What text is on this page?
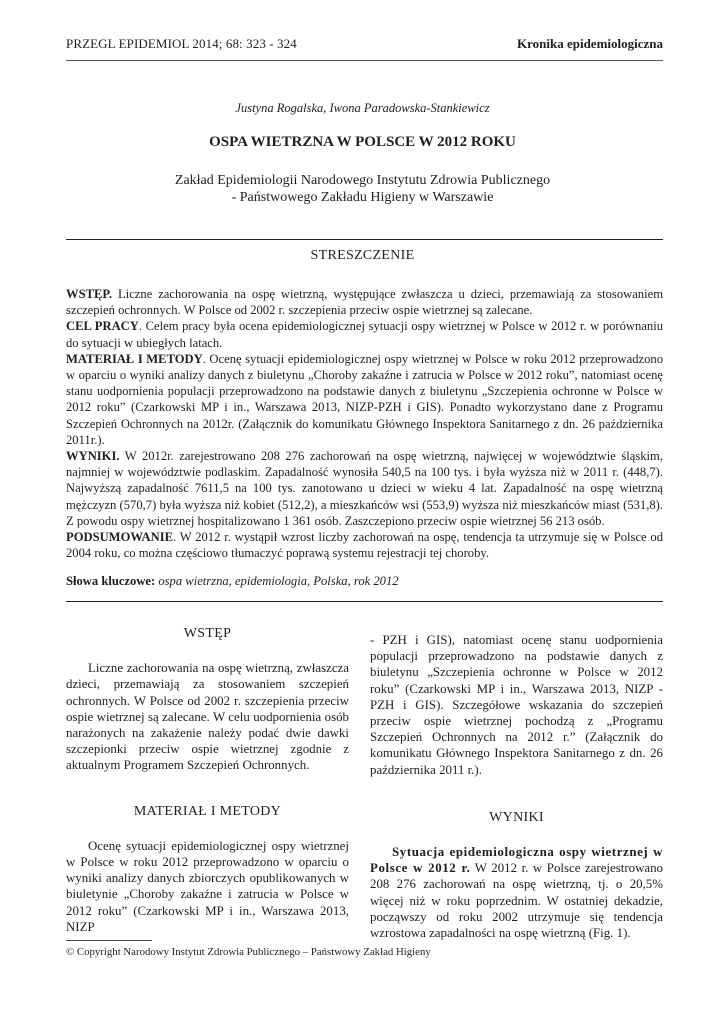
PRZEGL EPIDEMIOL 2014; 68: 323 - 324	Kronika epidemiologiczna
Justyna Rogalska, Iwona Paradowska-Stankiewicz
OSPA WIETRZNA W POLSCE W 2012 ROKU
Zakład Epidemiologii Narodowego Instytutu Zdrowia Publicznego
- Państwowego Zakładu Higieny w Warszawie
STRESZCZENIE

WSTĘP. Liczne zachorowania na ospę wietrzną, występujące zwłaszcza u dzieci, przemawiają za stosowaniem szczepień ochronnych. W Polsce od 2002 r. szczepienia przeciw ospie wietrznej są zalecane.

CEL PRACY. Celem pracy była ocena epidemiologicznej sytuacji ospy wietrznej w Polsce w 2012 r. w porównaniu do sytuacji w ubiegłych latach.

MATERIAŁ I METODY. Ocenę sytuacji epidemiologicznej ospy wietrznej w Polsce w roku 2012 przeprowadzono w oparciu o wyniki analizy danych z biuletynu „Choroby zakaźne i zatrucia w Polsce w 2012 roku”, natomiast ocenę stanu uodpornienia populacji przeprowadzono na podstawie danych z biuletynu „Szczepienia ochronne w Polsce w 2012 roku” (Czarkowski MP i in., Warszawa 2013, NIZP-PZH i GIS). Ponadto wykorzystano dane z Programu Szczepień Ochronnych na 2012r. (Załącznik do komunikatu Głównego Inspektora Sanitarnego z dn. 26 października 2011r.).

WYNIKI. W 2012r. zarejestrowano 208 276 zachorowań na ospę wietrzną, najwięcej w województwie śląskim, najmniej w województwie podlaskim. Zapadalność wynosiła 540,5 na 100 tys. i była wyższa niż w 2011 r. (448,7). Najwyższą zapadalność 7611,5 na 100 tys. zanotowano u dzieci w wieku 4 lat. Zapadalność na ospę wietrzną mężczyzn (570,7) była wyższa niż kobiet (512,2), a mieszkańców wsi (553,9) wyższa niż mieszkańców miast (531,8). Z powodu ospy wietrznej hospitalizowano 1 361 osób. Zaszczepiono przeciw ospie wietrznej 56 213 osób.

PODSUMOWANIE. W 2012 r. wystąpił wzrost liczby zachorowań na ospę, tendencja ta utrzymuje się w Polsce od 2004 roku, co można częściowo tłumaczyć poprawą systemu rejestracji tej choroby.

Słowa kluczowe: ospa wietrzna, epidemiologia, Polska, rok 2012

WSTĘP

Liczne zachorowania na ospę wietrzną, zwłaszcza dzieci, przemawiają za stosowaniem szczepień ochronnych. W Polsce od 2002 r. szczepienia przeciw ospie wietrznej są zalecane. W celu uodpornienia osób narażonych na zakażenie należy podać dwie dawki szczepionki przeciw ospie wietrznej zgodnie z aktualnym Programem Szczepień Ochronnych.

MATERIAŁ I METODY

Ocenę sytuacji epidemiologicznej ospy wietrznej w Polsce w roku 2012 przeprowadzono w oparciu o wyniki analizy danych zbiorczych opublikowanych w biuletynie „Choroby zakaźne i zatrucia w Polsce w 2012 roku” (Czarkowski MP i in., Warszawa 2013, NIZP

- PZH i GIS), natomiast ocenę stanu uodpornienia populacji przeprowadzono na podstawie danych z biuletynu „Szczepienia ochronne w Polsce w 2012 roku” (Czarkowski MP i in., Warszawa 2013, NIZP - PZH i GIS). Szczegółowe wskazania do szczepień przeciw ospie wietrznej pochodzą z „Programu Szczepień Ochronnych na 2012 r.” (Załącznik do komunikatu Głównego Inspektora Sanitarnego z dn. 26 października 2011 r.).

WYNIKI

Sytuacja epidemiologiczna ospy wietrznej w Polsce w 2012 r. W 2012 r. w Polsce zarejestrowano 208 276 zachorowań na ospę wietrzną, tj. o 20,5% więcej niż w roku poprzednim. W ostatniej dekadzie, począwszy od roku 2002 utrzymuje się tendencja wzrostowa zapadalności na ospę wietrzną (Fig. 1).

© Copyright Narodowy Instytut Zdrowia Publicznego – Państwowy Zakład Higieny
